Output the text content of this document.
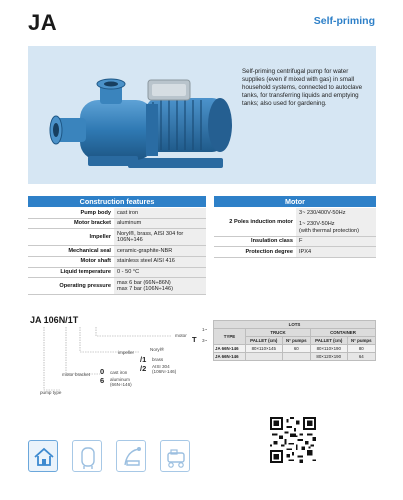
JA	Self-priming
Self-priming centrifugal pump for water supplies (even if mixed with gas) in small household systems, connected to autoclave tanks, for transferring liquids and emptying tanks; also used for gardening.
Construction features
Pump body	cast iron
Motor bracket	aluminum
Impeller	Noryl®, brass, AISI 304 for 106N÷146
Mechanical seal	ceramic-graphite-NBR
Motor shaft	stainless steel AISI 416
Liquid temperature	0 - 50 °C
Operating pressure	max 6 bar (66N÷86N)
max 7 bar (106N÷146)
Motor
2 Poles induction motor	3~ 230/400V-50Hz
1~ 230V-50Hz
(with thermal protection)

Insulation class	F
Protection degree	IPX4
JA 106N/1T
motor
1~
T 3~
impeller
Noryl®
/1 brass
/2 AISI 304
(106N÷146)
motor bracket 0 cast iron
6 aluminum
(66N÷146)
pump type
LOTS				
TYPE	TRUCK		CONTAINER	
	PALLET (cm)	N° pumps	PALLET (cm)	N° pumps
JA 66N-146	80×110×145	60	80×110×190	80
JA 66N-146			80×120×190	64
